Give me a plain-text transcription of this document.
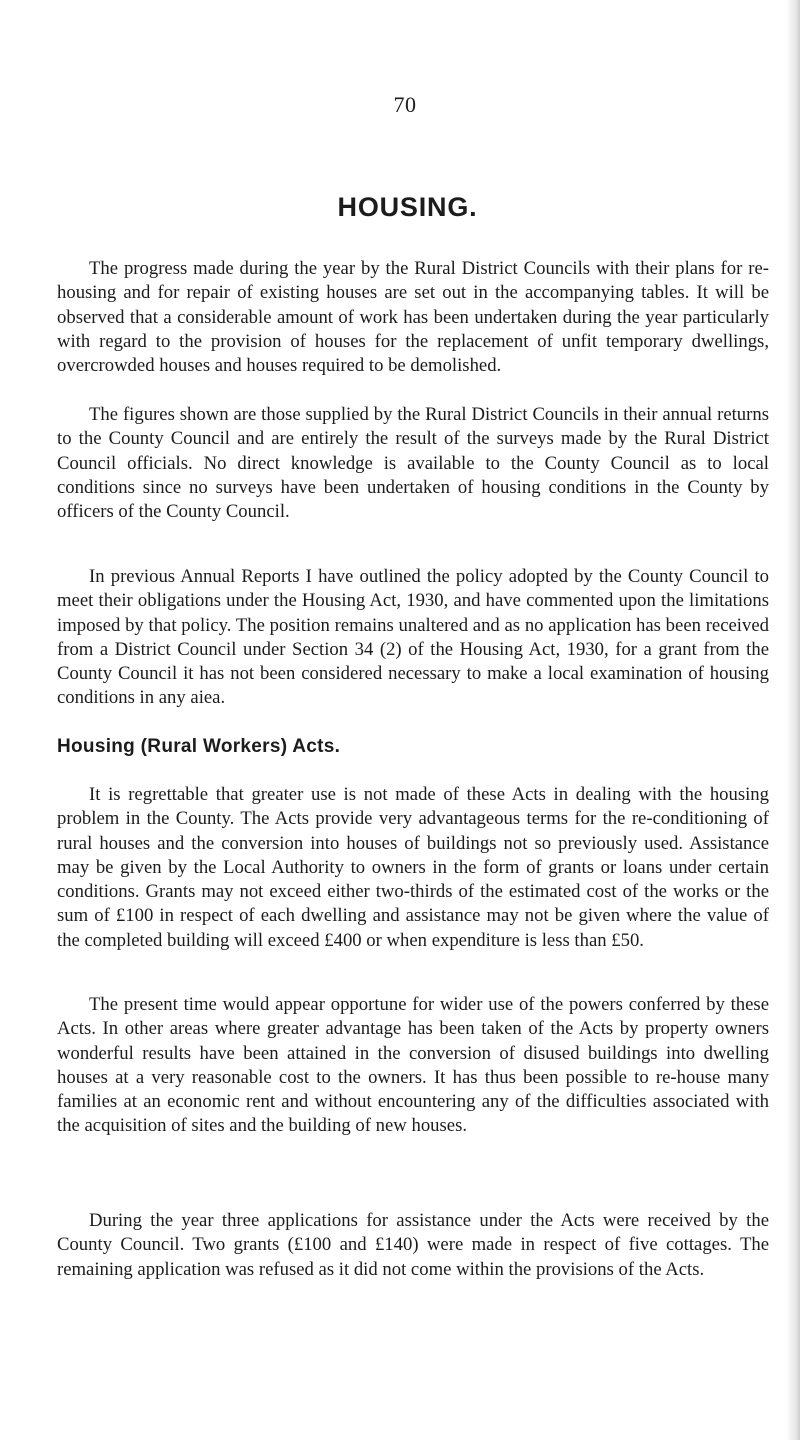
70
HOUSING.

The progress made during the year by the Rural District Councils with their plans for re-housing and for repair of existing houses are set out in the accompanying tables. It will be observed that a considerable amount of work has been undertaken during the year particularly with regard to the provision of houses for the replacement of unfit temporary dwellings, overcrowded houses and houses required to be demolished.

The figures shown are those supplied by the Rural District Councils in their annual returns to the County Council and are entirely the result of the surveys made by the Rural District Council officials. No direct knowledge is available to the County Council as to local conditions since no surveys have been undertaken of housing conditions in the County by officers of the County Council.

In previous Annual Reports I have outlined the policy adopted by the County Council to meet their obligations under the Housing Act, 1930, and have commented upon the limitations imposed by that policy. The position remains unaltered and as no application has been received from a District Council under Section 34 (2) of the Housing Act, 1930, for a grant from the County Council it has not been considered necessary to make a local examination of housing conditions in any aiea.

Housing (Rural Workers) Acts.

It is regrettable that greater use is not made of these Acts in dealing with the housing problem in the County. The Acts provide very advantageous terms for the re-conditioning of rural houses and the conversion into houses of buildings not so previously used. Assistance may be given by the Local Authority to owners in the form of grants or loans under certain conditions. Grants may not exceed either two-thirds of the estimated cost of the works or the sum of £100 in respect of each dwelling and assistance may not be given where the value of the completed building will exceed £400 or when expenditure is less than £50.

The present time would appear opportune for wider use of the powers conferred by these Acts. In other areas where greater advantage has been taken of the Acts by property owners wonderful results have been attained in the conversion of disused buildings into dwelling houses at a very reasonable cost to the owners. It has thus been possible to re-house many families at an economic rent and without encountering any of the difficulties associated with the acquisition of sites and the building of new houses.

During the year three applications for assistance under the Acts were received by the County Council. Two grants (£100 and £140) were made in respect of five cottages. The remaining application was refused as it did not come within the provisions of the Acts.
